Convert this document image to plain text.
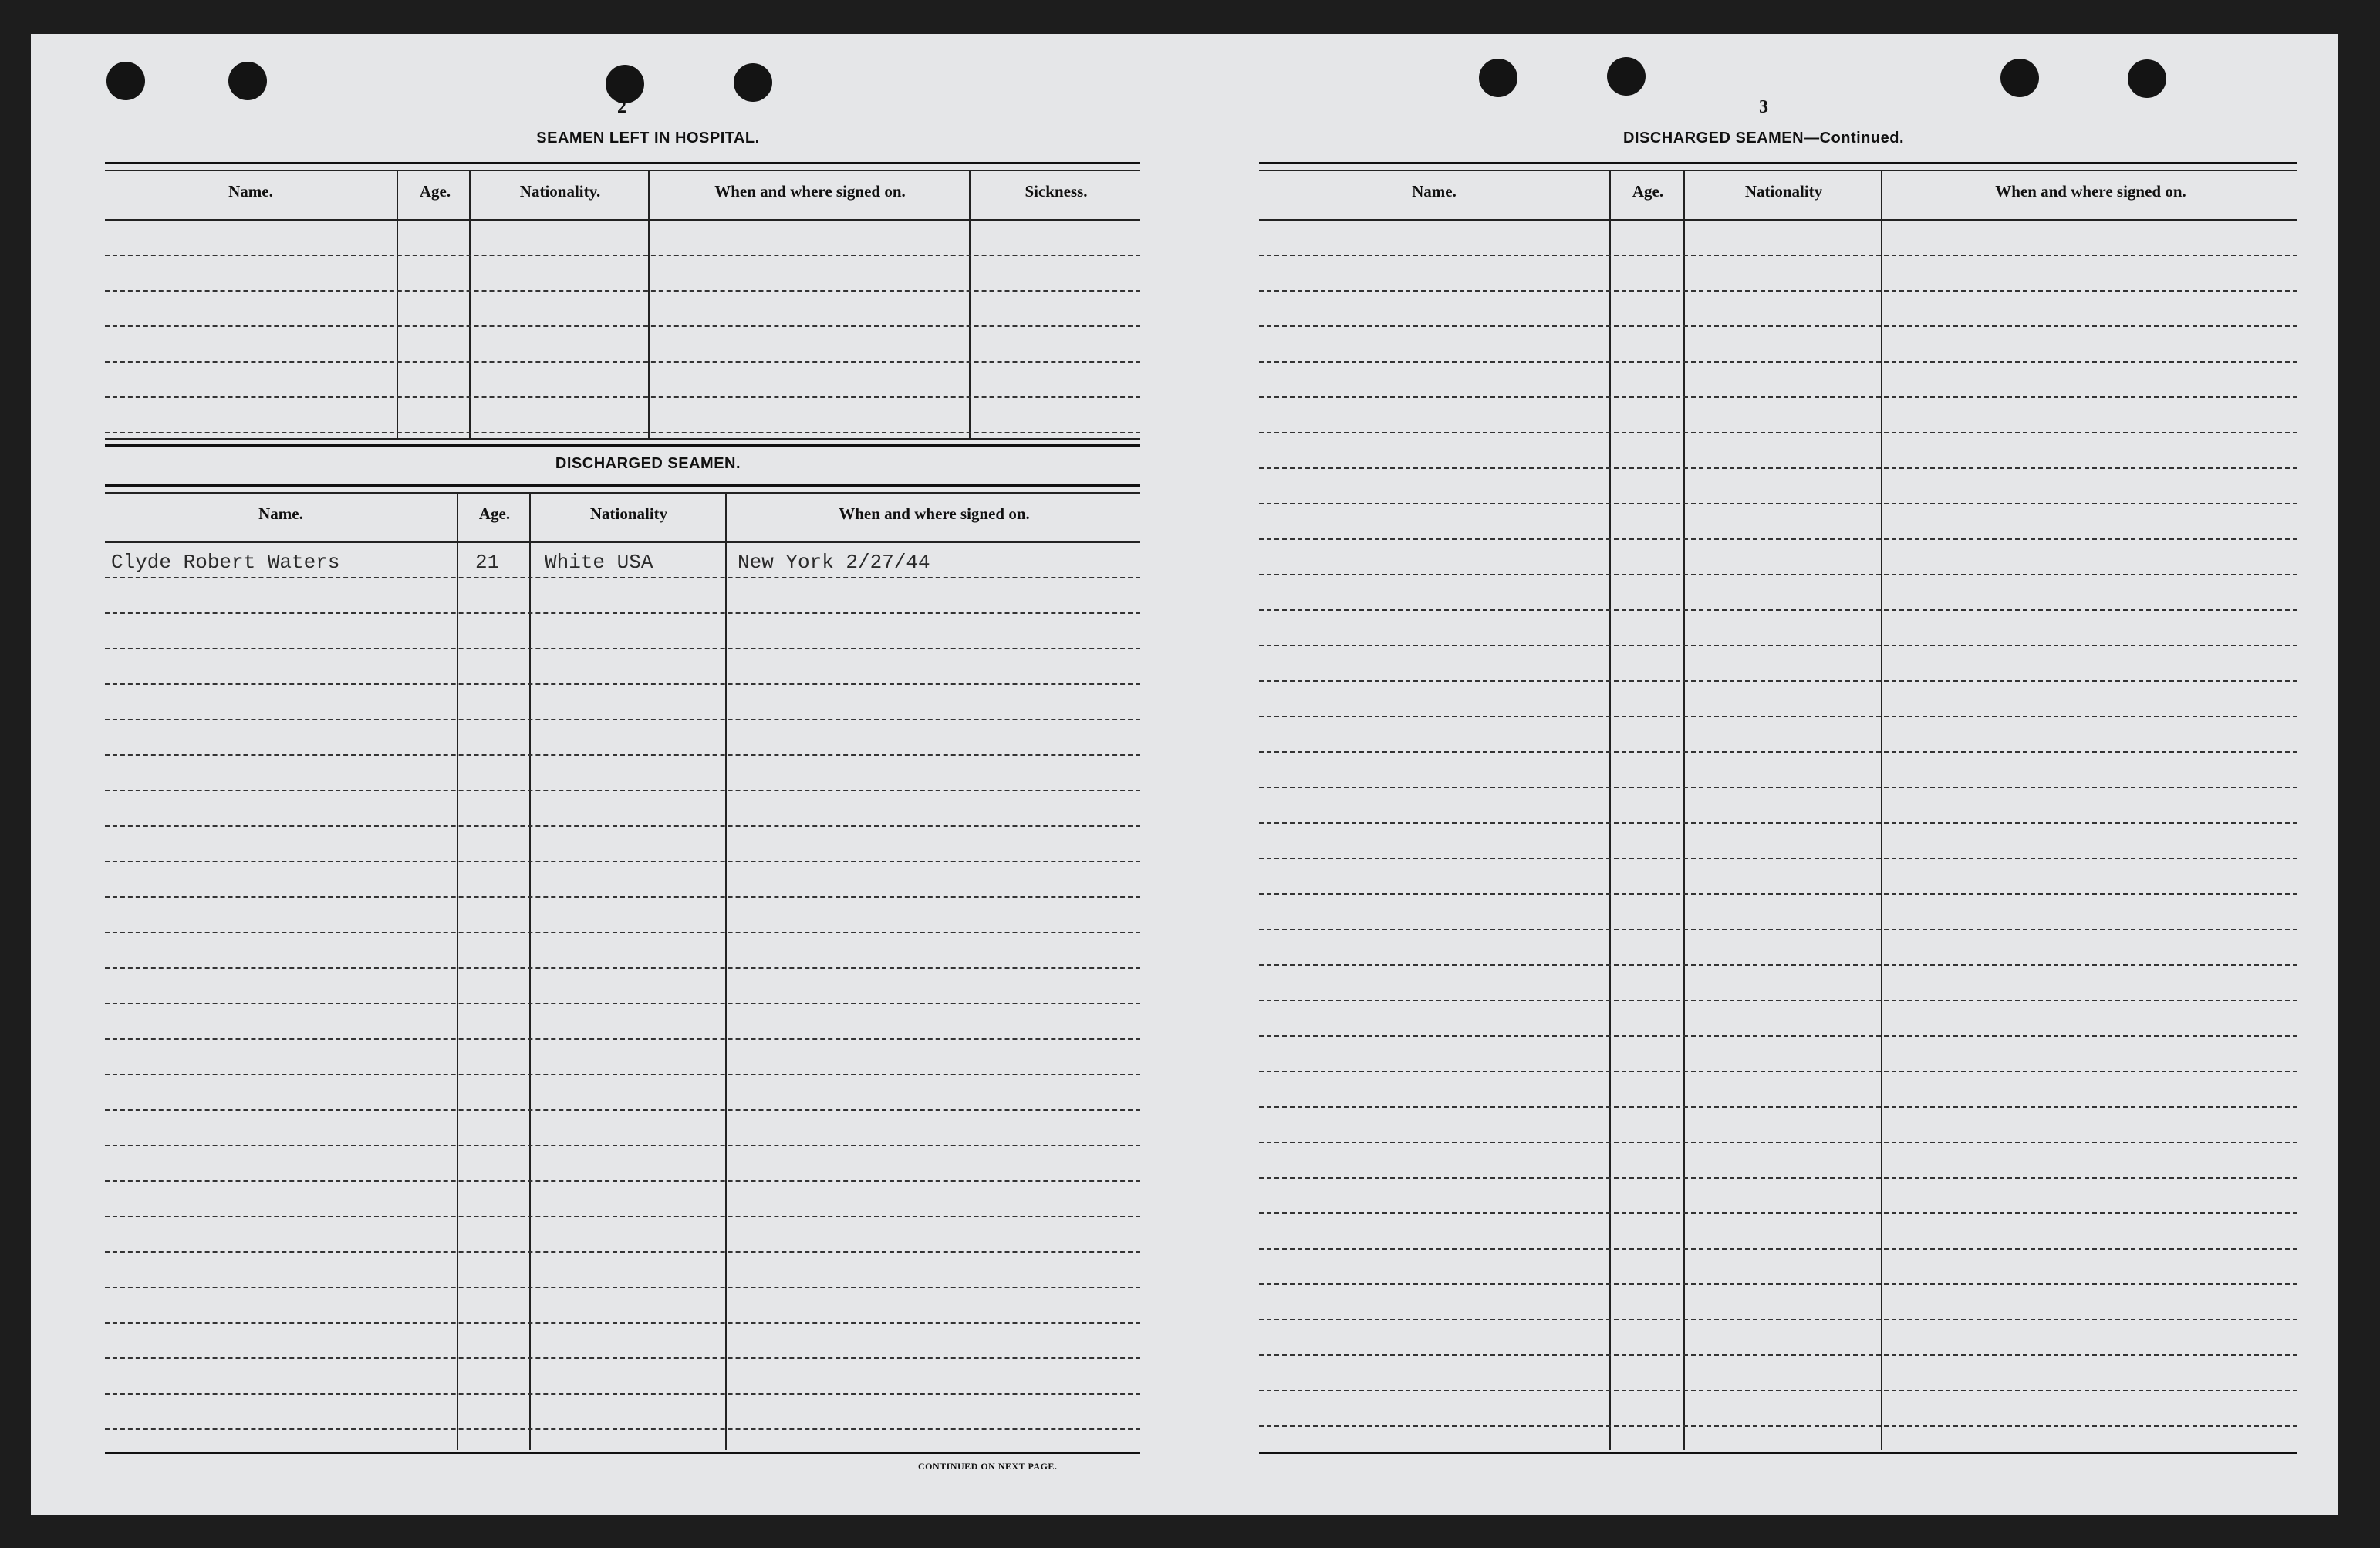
2
SEAMEN LEFT IN HOSPITAL.
Name.	Age.	Nationality.	When and where signed on.	Sickness.
DISCHARGED SEAMEN.
Name.	Age.	Nationality	When and where signed on.
Clyde Robert Waters	21 White USA	New York 2/27/44
CONTINUED ON NEXT PAGE.
3
DISCHARGED SEAMEN—Continued.
Name.	Age.	Nationality	When and where signed on.
